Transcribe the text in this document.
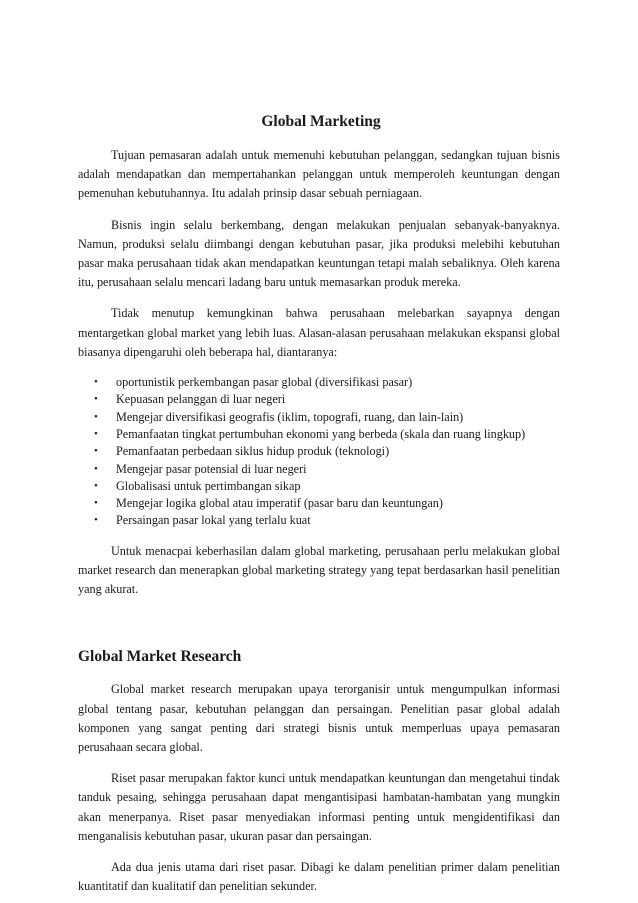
Global Marketing

Tujuan pemasaran adalah untuk memenuhi kebutuhan pelanggan, sedangkan tujuan bisnis adalah mendapatkan dan mempertahankan pelanggan untuk memperoleh keuntungan dengan pemenuhan kebutuhannya. Itu adalah prinsip dasar sebuah perniagaan.

Bisnis ingin selalu berkembang, dengan melakukan penjualan sebanyak-banyaknya. Namun, produksi selalu diimbangi dengan kebutuhan pasar, jika produksi melebihi kebutuhan pasar maka perusahaan tidak akan mendapatkan keuntungan tetapi malah sebaliknya. Oleh karena itu, perusahaan selalu mencari ladang baru untuk memasarkan produk mereka.

Tidak menutup kemungkinan bahwa perusahaan melebarkan sayapnya dengan mentargetkan global market yang lebih luas. Alasan-alasan perusahaan melakukan ekspansi global biasanya dipengaruhi oleh beberapa hal, diantaranya:

• oportunistik perkembangan pasar global (diversifikasi pasar)
• Kepuasan pelanggan di luar negeri
• Mengejar diversifikasi geografis (iklim, topografi, ruang, dan lain-lain)
• Pemanfaatan tingkat pertumbuhan ekonomi yang berbeda (skala dan ruang lingkup)
• Pemanfaatan perbedaan siklus hidup produk (teknologi)
• Mengejar pasar potensial di luar negeri
• Globalisasi untuk pertimbangan sikap
• Mengejar logika global atau imperatif (pasar baru dan keuntungan)
• Persaingan pasar lokal yang terlalu kuat

Untuk menacpai keberhasilan dalam global marketing, perusahaan perlu melakukan global market research dan menerapkan global marketing strategy yang tepat berdasarkan hasil penelitian yang akurat.

Global Market Research

Global market research merupakan upaya terorganisir untuk mengumpulkan informasi global tentang pasar, kebutuhan pelanggan dan persaingan. Penelitian pasar global adalah komponen yang sangat penting dari strategi bisnis untuk memperluas upaya pemasaran perusahaan secara global.

Riset pasar merupakan faktor kunci untuk mendapatkan keuntungan dan mengetahui tindak tanduk pesaing, sehingga perusahaan dapat mengantisipasi hambatan-hambatan yang mungkin akan menerpanya. Riset pasar menyediakan informasi penting untuk mengidentifikasi dan menganalisis kebutuhan pasar, ukuran pasar dan persaingan.

Ada dua jenis utama dari riset pasar. Dibagi ke dalam penelitian primer dalam penelitian kuantitatif dan kualitatif dan penelitian sekunder.
